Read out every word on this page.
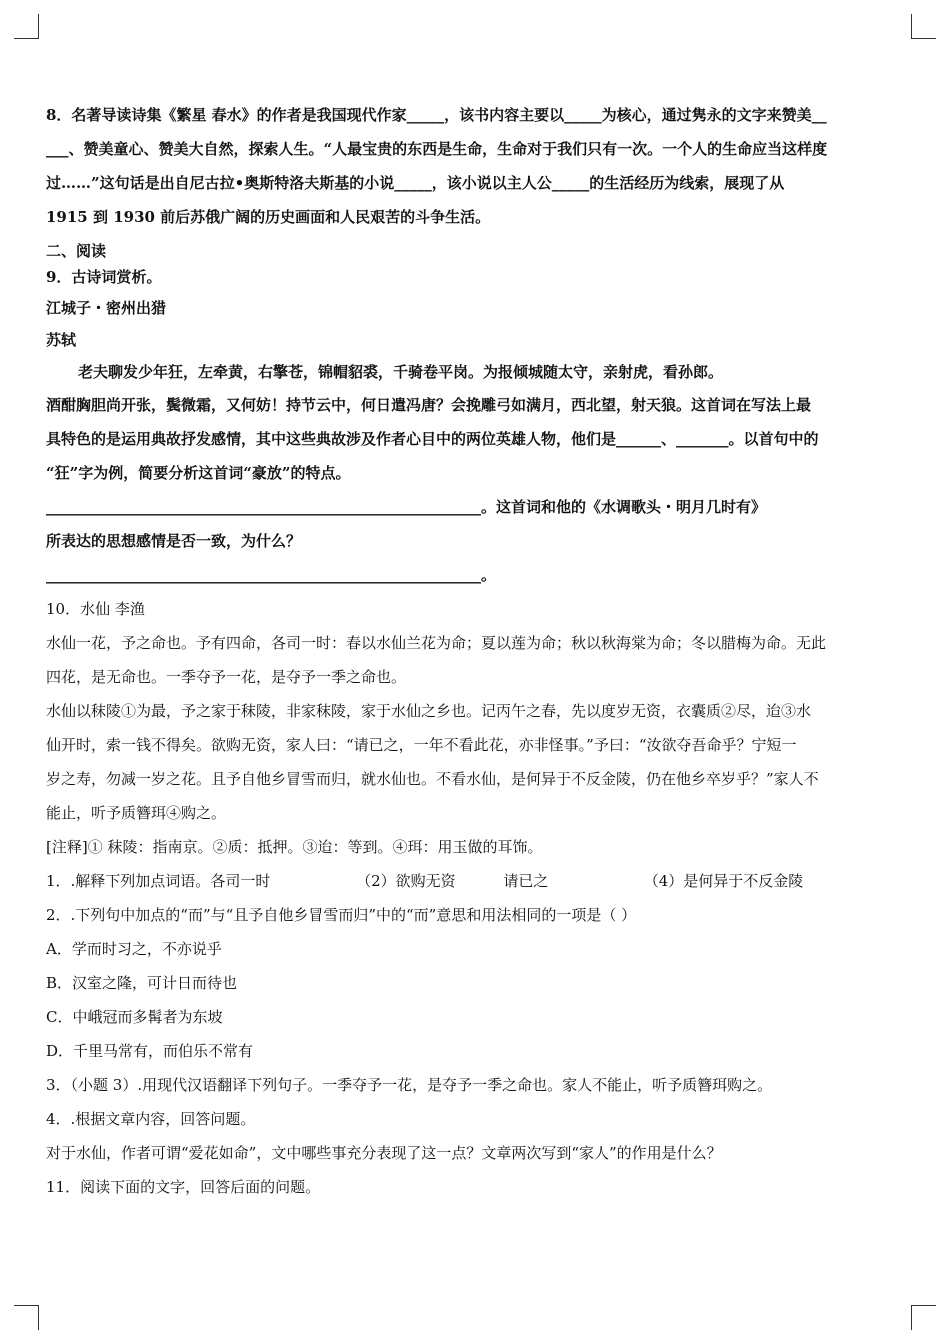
8．名著导读诗集《繁星 春水》的作者是我国现代作家_____，该书内容主要以_____为核心，通过隽永的文字来赞美__
___、赞美童心、赞美大自然，探索人生。“人最宝贵的东西是生命，生命对于我们只有一次。一个人的生命应当这样度
过……”这句话是出自尼古拉•奥斯特洛夫斯基的小说_____，该小说以主人公_____的生活经历为线索，展现了从
1915 到 1930 前后苏俄广阔的历史画面和人民艰苦的斗争生活。
二、阅读
9．古诗词赏析。
江城子・密州出猎
苏轼
老夫聊发少年狂，左牵黄，右擎苍，锦帽貂裘，千骑卷平岗。为报倾城随太守，亲射虎，看孙郎。
酒酣胸胆尚开张，鬓微霜，又何妨！持节云中，何日遣冯唐？会挽雕弓如满月，西北望，射天狼。这首词在写法上最
具特色的是运用典故抒发感情，其中这些典故涉及作者心目中的两位英雄人物，他们是______、_______。以首句中的
“狂”字为例，简要分析这首词“豪放”的特点。
__________________________________________________________。这首词和他的《水调歌头・明月几时有》
所表达的思想感情是否一致，为什么？
__________________________________________________________。
10．水仙 李渔
水仙一花，予之命也。予有四命，各司一时：春以水仙兰花为命；夏以莲为命；秋以秋海棠为命；冬以腊梅为命。无此
四花，是无命也。一季夺予一花，是夺予一季之命也。
水仙以秣陵①为最，予之家于秣陵，非家秣陵，家于水仙之乡也。记丙午之春，先以度岁无资，衣囊质②尽，迨③水
仙开时，索一钱不得矣。欲购无资，家人曰：“请已之，一年不看此花，亦非怪事。”予曰：“汝欲夺吾命乎？宁短一
岁之寿，勿减一岁之花。且予自他乡冒雪而归，就水仙也。不看水仙，是何异于不反金陵，仍在他乡卒岁乎？”家人不
能止，听予质簪珥④购之。
[注释]① 秣陵：指南京。②质：抵押。③迨：等到。④珥：用玉做的耳饰。
1．.解释下列加点词语。各司一时                  （2）欲购无资          请已之                    （4）是何异于不反金陵
2．.下列句中加点的“而”与“且予自他乡冒雪而归”中的“而”意思和用法相同的一项是（ ）
A．学而时习之，不亦说乎
B．汉室之隆，可计日而待也
C．中峨冠而多髯者为东坡
D．千里马常有，而伯乐不常有
3．（小题 3）.用现代汉语翻译下列句子。一季夺予一花，是夺予一季之命也。家人不能止，听予质簪珥购之。
4．.根据文章内容，回答问题。
对于水仙，作者可谓“爱花如命”，文中哪些事充分表现了这一点？文章两次写到“家人”的作用是什么？
11．阅读下面的文字，回答后面的问题。
